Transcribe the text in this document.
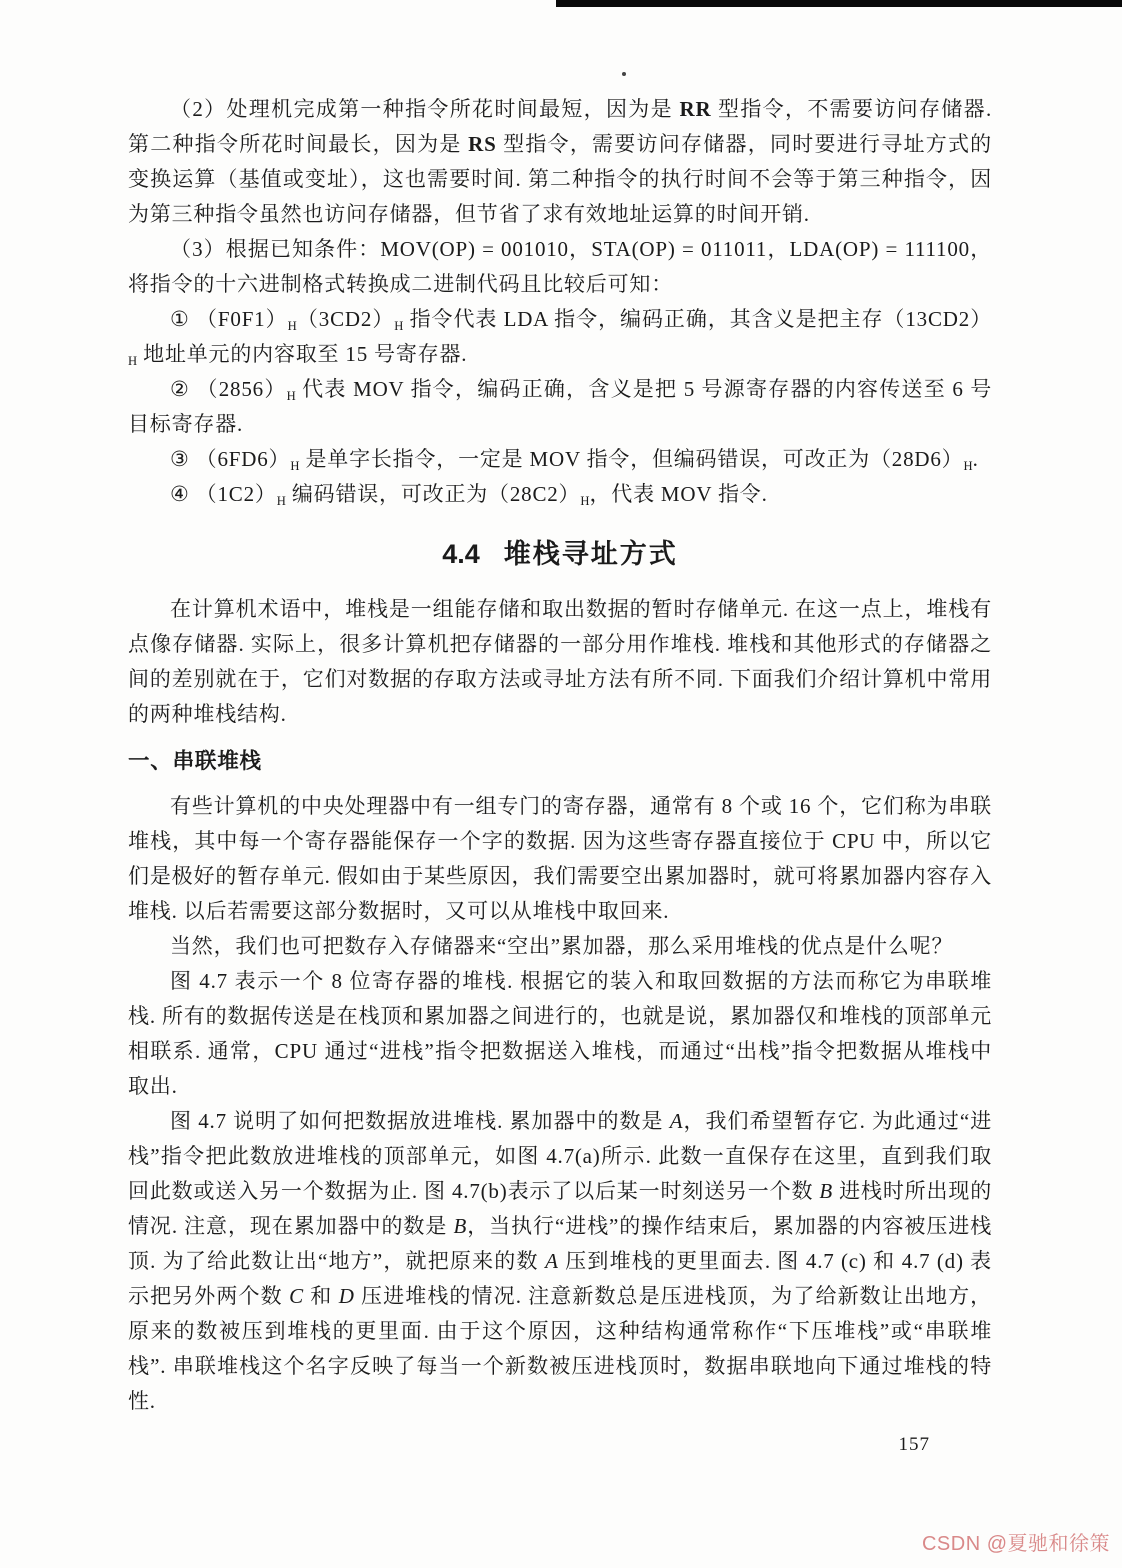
（2）处理机完成第一种指令所花时间最短，因为是 RR 型指令，不需要访问存储器. 第二种指令所花时间最长，因为是 RS 型指令，需要访问存储器，同时要进行寻址方式的变换运算（基值或变址），这也需要时间. 第二种指令的执行时间不会等于第三种指令，因为第三种指令虽然也访问存储器，但节省了求有效地址运算的时间开销.

（3）根据已知条件：MOV(OP) = 001010，STA(OP) = 011011，LDA(OP) = 111100，将指令的十六进制格式转换成二进制代码且比较后可知：

① （F0F1）H（3CD2）H 指令代表 LDA 指令，编码正确，其含义是把主存（13CD2）H 地址单元的内容取至 15 号寄存器.

② （2856）H 代表 MOV 指令，编码正确，含义是把 5 号源寄存器的内容传送至 6 号目标寄存器.

③ （6FD6）H 是单字长指令，一定是 MOV 指令，但编码错误，可改正为（28D6）H.

④ （1C2）H 编码错误，可改正为（28C2）H，代表 MOV 指令.

4.4 堆栈寻址方式

在计算机术语中，堆栈是一组能存储和取出数据的暂时存储单元. 在这一点上，堆栈有点像存储器. 实际上，很多计算机把存储器的一部分用作堆栈. 堆栈和其他形式的存储器之间的差别就在于，它们对数据的存取方法或寻址方法有所不同. 下面我们介绍计算机中常用的两种堆栈结构.

一、串联堆栈

有些计算机的中央处理器中有一组专门的寄存器，通常有 8 个或 16 个，它们称为串联堆栈，其中每一个寄存器能保存一个字的数据. 因为这些寄存器直接位于 CPU 中，所以它们是极好的暂存单元. 假如由于某些原因，我们需要空出累加器时，就可将累加器内容存入堆栈. 以后若需要这部分数据时，又可以从堆栈中取回来.

当然，我们也可把数存入存储器来“空出”累加器，那么采用堆栈的优点是什么呢？

图 4.7 表示一个 8 位寄存器的堆栈. 根据它的装入和取回数据的方法而称它为串联堆栈. 所有的数据传送是在栈顶和累加器之间进行的，也就是说，累加器仅和堆栈的顶部单元相联系. 通常，CPU 通过“进栈”指令把数据送入堆栈，而通过“出栈”指令把数据从堆栈中取出.

图 4.7 说明了如何把数据放进堆栈. 累加器中的数是 A，我们希望暂存它. 为此通过“进栈”指令把此数放进堆栈的顶部单元，如图 4.7(a)所示. 此数一直保存在这里，直到我们取回此数或送入另一个数据为止. 图 4.7(b)表示了以后某一时刻送另一个数 B 进栈时所出现的情况. 注意，现在累加器中的数是 B，当执行“进栈”的操作结束后，累加器的内容被压进栈顶. 为了给此数让出“地方”，就把原来的数 A 压到堆栈的更里面去. 图 4.7 (c) 和 4.7 (d) 表示把另外两个数 C 和 D 压进堆栈的情况. 注意新数总是压进栈顶，为了给新数让出地方，原来的数被压到堆栈的更里面. 由于这个原因，这种结构通常称作“下压堆栈”或“串联堆栈”. 串联堆栈这个名字反映了每当一个新数被压进栈顶时，数据串联地向下通过堆栈的特性.

157
CSDN @夏驰和徐策
